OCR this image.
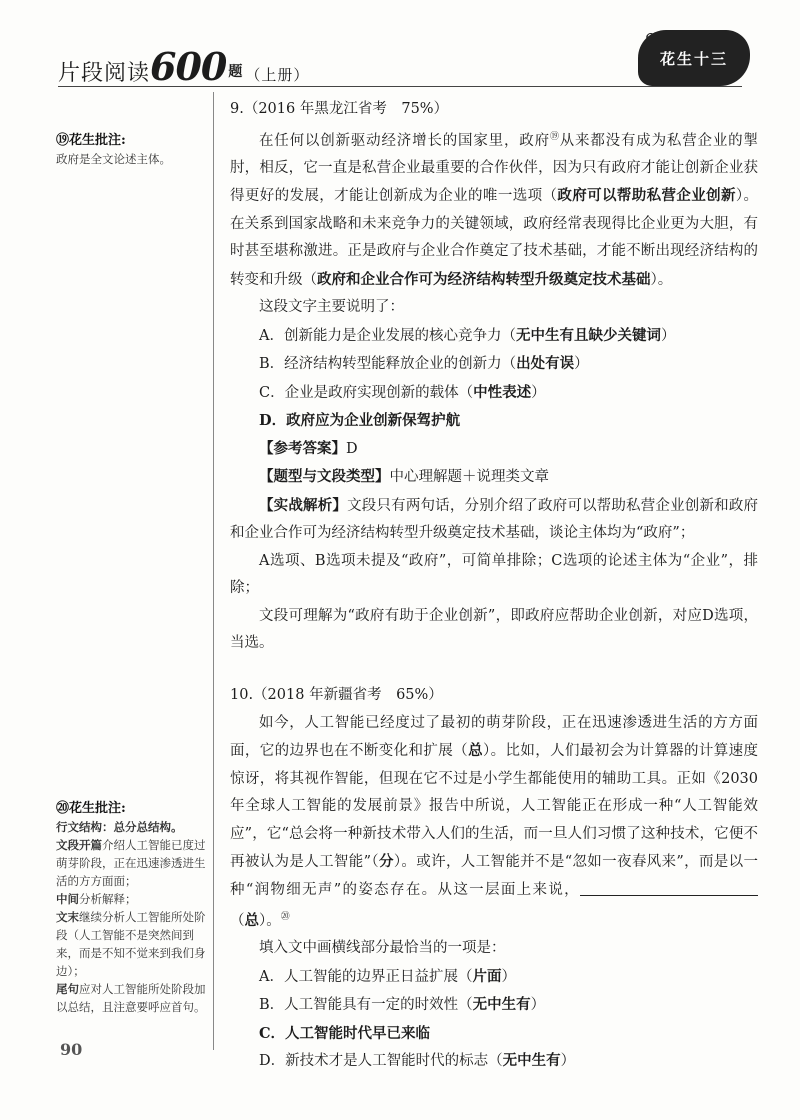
片段阅读600 $^题$ （上册）
花生十三
⑲花生批注:
政府是全文论述主体。
⑳花生批注:
行文结构：总分总结构。
文段开篇介绍人工智能已度过萌芽阶段，正在迅速渗透进生活的方方面面；
中间分析解释；
文末继续分析人工智能所处阶段（人工智能不是突然间到来，而是不知不觉来到我们身边）；
尾句应对人工智能所处阶段加以总结，且注意要呼应首句。
9.（2016 年黑龙江省考　75%）

在任何以创新驱动经济增长的国家里，政府⑲从来都没有成为私营企业的掣肘，相反，它一直是私营企业最重要的合作伙伴，因为只有政府才能让创新企业获得更好的发展，才能让创新成为企业的唯一选项（政府可以帮助私营企业创新）。在关系到国家战略和未来竞争力的关键领域，政府经常表现得比企业更为大胆，有时甚至堪称激进。正是政府与企业合作奠定了技术基础，才能不断出现经济结构的转变和升级（政府和企业合作可为经济结构转型升级奠定技术基础）。

这段文字主要说明了：

A．创新能力是企业发展的核心竞争力（无中生有且缺少关键词）

B．经济结构转型能释放企业的创新力（出处有误）

C．企业是政府实现创新的载体（中性表述）

D．政府应为企业创新保驾护航

【参考答案】D

【题型与文段类型】中心理解题＋说理类文章

【实战解析】文段只有两句话，分别介绍了政府可以帮助私营企业创新和政府和企业合作可为经济结构转型升级奠定技术基础，谈论主体均为“政府”；

A选项、B选项未提及“政府”，可简单排除；C选项的论述主体为“企业”，排除；

文段可理解为“政府有助于企业创新”，即政府应帮助企业创新，对应D选项，当选。

10.（2018 年新疆省考　65%）

如今，人工智能已经度过了最初的萌芽阶段，正在迅速渗透进生活的方方面面，它的边界也在不断变化和扩展（总）。比如，人们最初会为计算器的计算速度惊讶，将其视作智能，但现在它不过是小学生都能使用的辅助工具。正如《2030年全球人工智能的发展前景》报告中所说，人工智能正在形成一种“人工智能效应”，它“总会将一种新技术带入人们的生活，而一旦人们习惯了这种技术，它便不再被认为是人工智能”（分）。或许，人工智能并不是“忽如一夜春风来”，而是以一种“润物细无声”的姿态存在。从这一层面上来说，（总）。⑳

填入文中画横线部分最恰当的一项是：

A．人工智能的边界正日益扩展（片面）

B．人工智能具有一定的时效性（无中生有）

C．人工智能时代早已来临

D．新技术才是人工智能时代的标志（无中生有）

90
